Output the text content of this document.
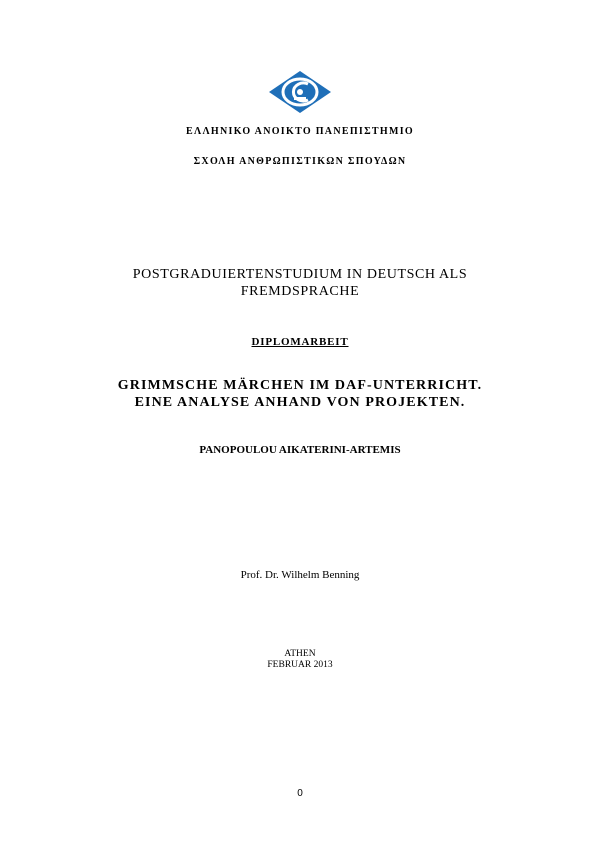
ΕΛΛΗΝΙΚΟ ΑΝΟΙΚΤΟ ΠΑΝΕΠΙΣΤΗΜΙΟ
ΣΧΟΛΗ ΑΝΘΡΩΠΙΣΤΙΚΩΝ ΣΠΟΥΔΩΝ
POSTGRADUIERTENSTUDIUM IN DEUTSCH ALS
FREMDSPRACHE
DIPLOMARBEIT
GRIMMSCHE MÄRCHEN IM DAF-UNTERRICHT.
EINE ANALYSE ANHAND VON PROJEKTEN.
PANOPOULOU AIKATERINI-ARTEMIS
Prof. Dr. Wilhelm Benning
ATHEN
FEBRUAR 2013
0
